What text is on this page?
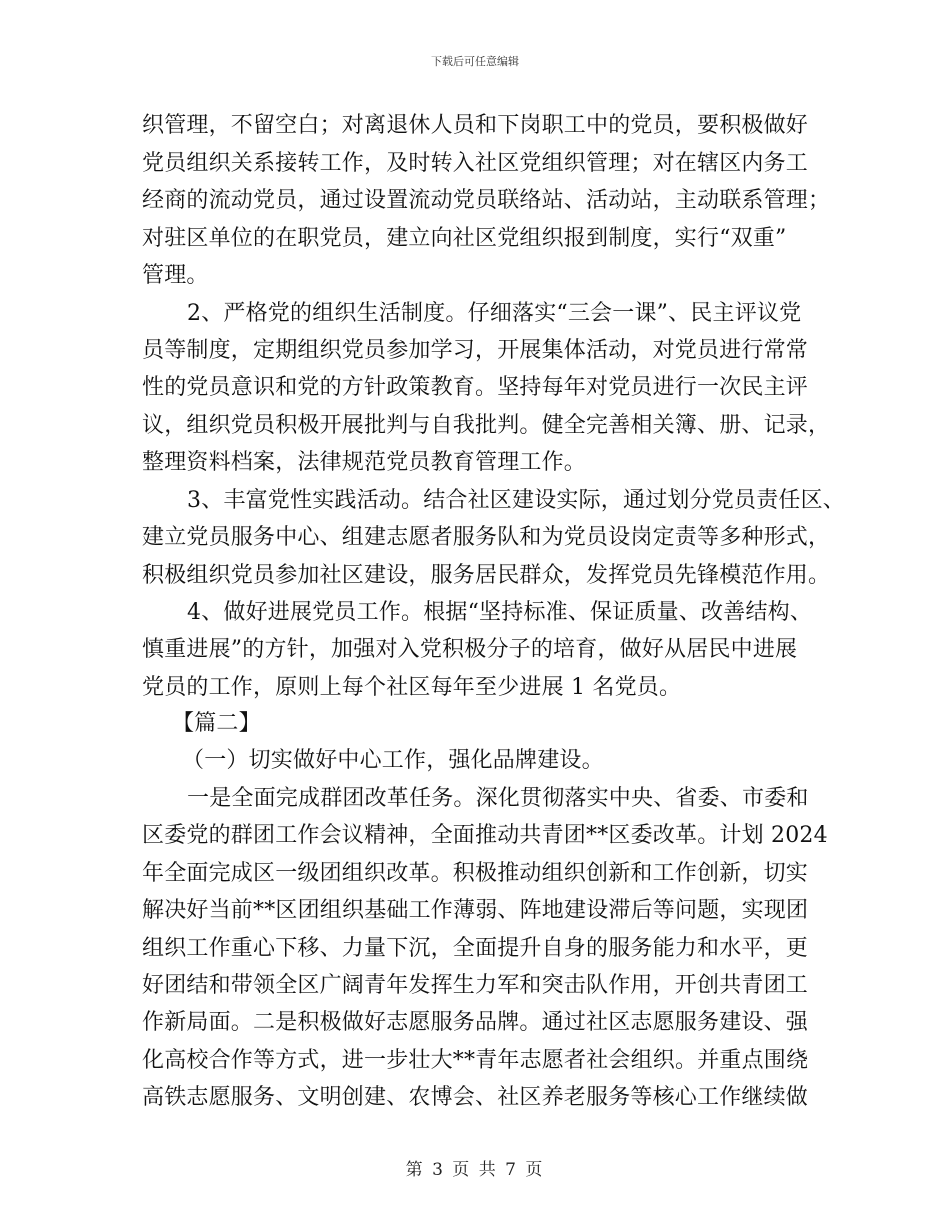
下载后可任意编辑
织管理，不留空白；对离退休人员和下岗职工中的党员，要积极做好
党员组织关系接转工作，及时转入社区党组织管理；对在辖区内务工
经商的流动党员，通过设置流动党员联络站、活动站，主动联系管理；
对驻区单位的在职党员，建立向社区党组织报到制度，实行“双重”
管理。
2、严格党的组织生活制度。仔细落实“三会一课”、民主评议党
员等制度，定期组织党员参加学习，开展集体活动，对党员进行常常
性的党员意识和党的方针政策教育。坚持每年对党员进行一次民主评
议，组织党员积极开展批判与自我批判。健全完善相关簿、册、记录，
整理资料档案，法律规范党员教育管理工作。
3、丰富党性实践活动。结合社区建设实际，通过划分党员责任区、
建立党员服务中心、组建志愿者服务队和为党员设岗定责等多种形式，
积极组织党员参加社区建设，服务居民群众，发挥党员先锋模范作用。
4、做好进展党员工作。根据“坚持标准、保证质量、改善结构、
慎重进展”的方针，加强对入党积极分子的培育，做好从居民中进展
党员的工作，原则上每个社区每年至少进展 1 名党员。
【篇二】
（一）切实做好中心工作，强化品牌建设。
一是全面完成群团改革任务。深化贯彻落实中央、省委、市委和
区委党的群团工作会议精神，全面推动共青团**区委改革。计划 2024
年全面完成区一级团组织改革。积极推动组织创新和工作创新，切实
解决好当前**区团组织基础工作薄弱、阵地建设滞后等问题，实现团
组织工作重心下移、力量下沉，全面提升自身的服务能力和水平，更
好团结和带领全区广阔青年发挥生力军和突击队作用，开创共青团工
作新局面。二是积极做好志愿服务品牌。通过社区志愿服务建设、强
化高校合作等方式，进一步壮大**青年志愿者社会组织。并重点围绕
高铁志愿服务、文明创建、农博会、社区养老服务等核心工作继续做
第 3 页 共 7 页
